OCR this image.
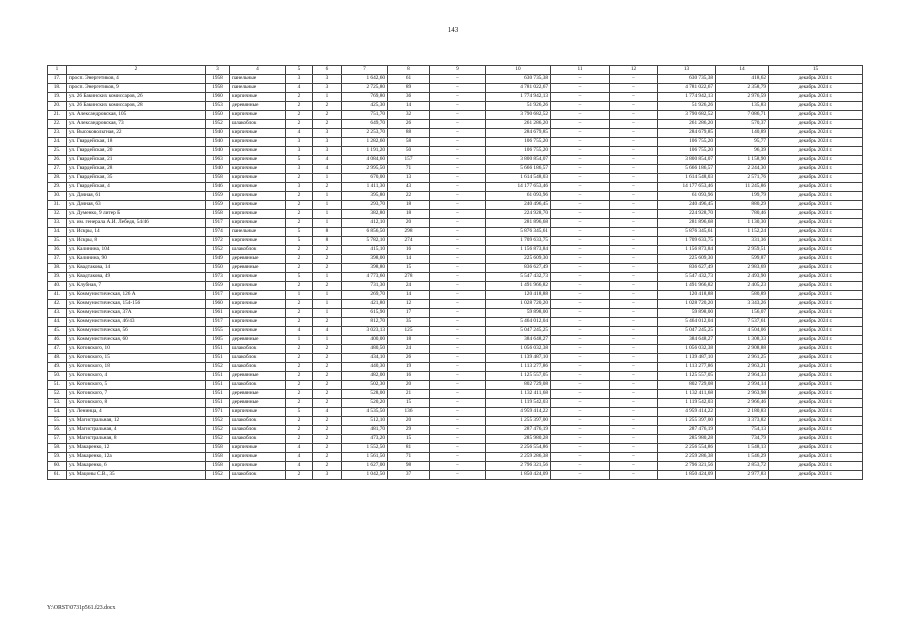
143
1	2	3	4	5	6	7	8	9	10	11	12	13	14	15
17.	просп. Энергетиков, 4	1958	панельные	3	3	1 642,60	61	–	630 735,38	–	–	630 735,38	418,62	декабрь 2024 г.
18.	просп. Энергетиков, 9	1958	панельные	4	3	2 725,80	89	–	4 781 022,67	–	–	4 781 022,67	2 358,79	декабрь 2024 г.
19.	ул. 26 Бакинских комиссаров, 26	1960	кирпичные	2	1	769,80	36	–	1 774 942,13	–	–	1 774 942,13	2 976,59	декабрь 2024 г.
20.	ул. 26 Бакинских комиссаров, 28	1953	деревянные	2	2	425,30	14	–	51 926,26	–	–	51 926,26	135,83	декабрь 2024 г.
21.	ул. Александровская, 105	1950	кирпичные	2	2	751,70	32	–	3 790 682,52	–	–	3 790 682,52	7 086,71	декабрь 2024 г.
22.	ул. Александровская, 73	1952	шлакоблок	2	2	649,70	26	–	261 286,20	–	–	261 286,20	570,37	декабрь 2024 г.
23.	ул. Высоковольтная, 22	1940	кирпичные	4	3	2 253,70	88	–	284 679,85	–	–	284 679,85	140,89	декабрь 2024 г.
24.	ул. Гвардейская, 18	1940	кирпичные	3	3	1 282,60	58	–	106 755,20	–	–	106 755,20	95,77	декабрь 2024 г.
25.	ул. Гвардейская, 20	1940	кирпичные	3	3	1 191,20	50	–	106 755,20	–	–	106 755,20	96,39	декабрь 2024 г.
26.	ул. Гвардейская, 21	1963	кирпичные	5	4	4 084,60	157	–	3 800 854,07	–	–	3 800 854,07	1 158,90	декабрь 2024 г.
27.	ул. Гвардейская, 28	1940	кирпичные	3	4	2 995,50	71	–	5 666 186,57	–	–	5 666 186,57	2 244,30	декабрь 2024 г.
28.	ул. Гвардейская, 35	1958	кирпичные	2	1	670,00	13	–	1 614 548,03	–	–	1 614 548,03	2 571,76	декабрь 2024 г.
29.	ул. Гвардейская, 4	1946	кирпичные	3	2	1 411,30	43	–	14 177 653,46	–	–	14 177 653,46	11 245,86	декабрь 2024 г.
30.	ул. Дачная, 61	1959	кирпичные	2	1	395,80	22	–	61 093,96	–	–	61 093,96	199,79	декабрь 2024 г.
31.	ул. Дачная, 63	1959	кирпичные	2	1	293,70	18	–	240 496,45	–	–	240 496,45	880,29	декабрь 2024 г.
32.	ул. Думенко, 9 литер Б	1958	кирпичные	2	1	382,80	18	–	224 928,70	–	–	224 928,70	780,46	декабрь 2024 г.
33.	ул. им. генерала А.И. Лебедя, 54/46	1917	кирпичные	2	1	412,10	20	–	281 896,68	–	–	281 896,68	1 130,30	декабрь 2024 г.
34.	ул. Искры, 14	1974	панельные	5	8	6 856,50	298	–	5 876 345,61	–	–	5 876 345,61	1 152,24	декабрь 2024 г.
35.	ул. Искры, 8	1972	кирпичные	5	8	5 782,10	274	–	1 709 633,75	–	–	1 709 633,75	331,36	декабрь 2024 г.
36.	ул. Калинина, 104	1952	шлакоблок	2	2	415,10	16	–	1 156 873,84	–	–	1 156 873,84	2 959,51	декабрь 2024 г.
37.	ул. Калинина, 90	1949	деревянные	2	2	398,00	14	–	225 609,30	–	–	225 609,30	599,87	декабрь 2024 г.
38.	ул. Квадтакова, 14	1950	деревянные	2	2	398,80	15	–	836 627,49	–	–	836 627,49	2 983,69	декабрь 2024 г.
39.	ул. Квадтакова, 49	1973	кирпичные	5	1	4 773,60	278	–	5 547 432,73	–	–	5 547 432,73	2 493,90	декабрь 2024 г.
40.	ул. Клубная, 7	1959	кирпичные	2	2	731,30	24	–	1 491 966,82	–	–	1 491 966,82	2 405,23	декабрь 2024 г.
41.	ул. Коммунистическая, 126 А	1917	кирпичные	1	1	269,70	14	–	120 418,88	–	–	120 418,88	580,89	декабрь 2024 г.
42.	ул. Коммунистическая, 154-156	1960	кирпичные	2	1	421,80	12	–	1 028 720,20	–	–	1 028 720,20	3 343,26	декабрь 2024 г.
43.	ул. Коммунистическая, 37А	1961	кирпичные	2	1	615,90	17	–	59 898,00	–	–	59 898,00	156,07	декабрь 2024 г.
44.	ул. Коммунистическая, 46/43	1917	кирпичные	2	2	812,70	35	–	5 464 012,04	–	–	5 464 012,04	7 537,61	декабрь 2024 г.
45.	ул. Коммунистическая, 56	1955	кирпичные	4	4	3 023,13	125	–	5 047 245,25	–	–	5 047 245,25	4 504,06	декабрь 2024 г.
46.	ул. Коммунистическая, 60	1905	деревянные	1	1	400,00	18	–	384 648,27	–	–	384 648,27	1 308,33	декабрь 2024 г.
47.	ул. Котовского, 10	1951	шлакоблок	2	2	480,50	24	–	1 056 032,38	–	–	1 056 032,38	2 908,88	декабрь 2024 г.
48.	ул. Котовского, 15	1951	шлакоблок	2	2	434,10	26	–	1 139 487,10	–	–	1 139 487,10	2 961,25	декабрь 2024 г.
49.	ул. Котовского, 18	1952	шлакоблок	2	2	440,30	19	–	1 113 277,86	–	–	1 113 277,86	2 963,21	декабрь 2024 г.
50.	ул. Котовского, 4	1951	деревянные	2	2	482,00	16	–	1 125 557,05	–	–	1 125 557,05	2 964,33	декабрь 2024 г.
51.	ул. Котовского, 5	1951	шлакоблок	2	2	502,30	20	–	802 729,08	–	–	802 729,08	2 994,14	декабрь 2024 г.
52.	ул. Котовского, 7	1951	деревянные	2	2	528,00	21	–	1 132 411,68	–	–	1 132 411,68	2 963,98	декабрь 2024 г.
53.	ул. Котовского, 8	1951	деревянные	2	2	520,20	15	–	1 119 542,03	–	–	1 119 542,03	2 966,46	декабрь 2024 г.
54.	ул. Ленинца, 4	1971	кирпичные	5	4	4 535,50	136	–	4 959 414,22	–	–	4 959 414,22	2 180,83	декабрь 2024 г.
55.	ул. Магистральная, 12	1952	шлакоблок	2	2	512,10	20	–	1 255 397,00	–	–	1 255 397,00	3 373,82	декабрь 2024 г.
56.	ул. Магистральная, 4	1952	шлакоблок	2	2	481,70	29	–	287 476,19	–	–	287 476,19	754,13	декабрь 2024 г.
57.	ул. Магистральная, 8	1952	шлакоблок	2	2	473,20	15	–	285 980,28	–	–	285 980,28	734,79	декабрь 2024 г.
58.	ул. Макаренко, 12	1958	кирпичные	4	2	1 552,50	81	–	2 256 554,86	–	–	2 256 554,86	1 548,13	декабрь 2024 г.
59.	ул. Макаренко, 12а	1958	кирпичные	4	2	1 561,50	71	–	2 259 286,38	–	–	2 259 286,38	1 546,29	декабрь 2024 г.
60.	ул. Макаренко, 6	1958	кирпичные	4	2	1 627,00	98	–	2 796 321,56	–	–	2 796 321,56	2 853,72	декабрь 2024 г.
61.	ул. Мацоны С.В., 35	1952	шлакоблок	2	3	1 042,50	37	–	1 850 424,09	–	–	1 850 424,09	2 977,83	декабрь 2024 г.
Y:\ORST\0731p561.f23.docx
